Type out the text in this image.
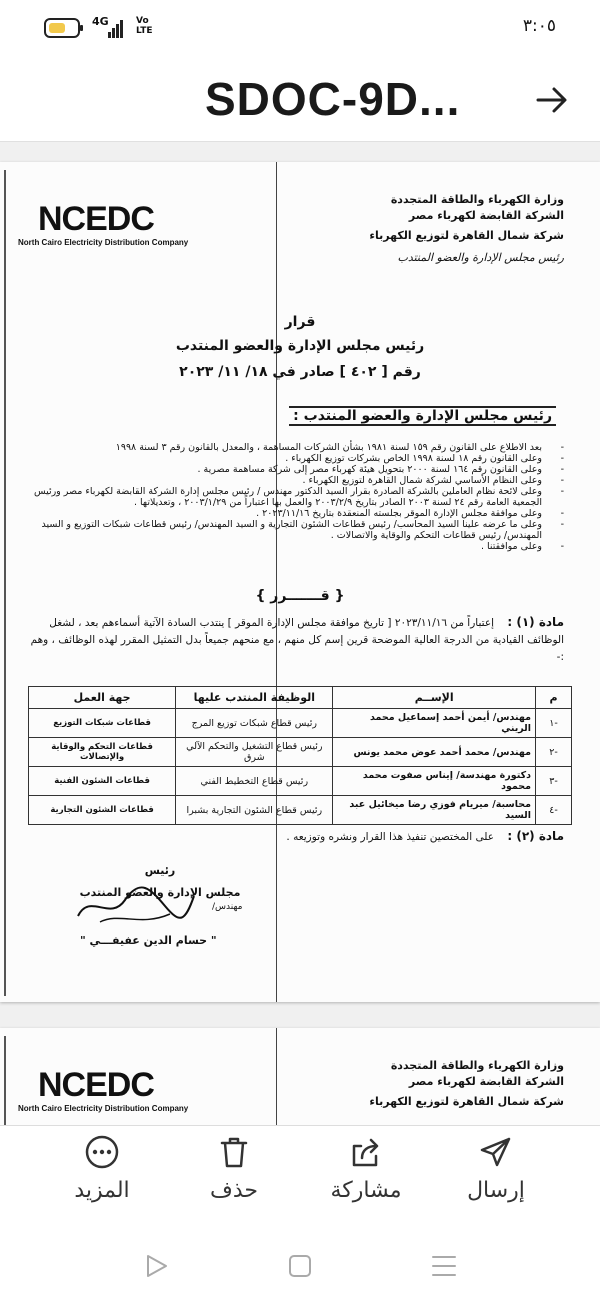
4G	Vo
LTE	٣:٠٥
SDOC-9D...
NCEDC
North Cairo Electricity Distribution Company
وزارة الكهرباء والطاقة المتجددة
الشركة القابضة لكهرباء مصر
شركة شمال القاهرة لتوزيع الكهرباء
رئيس مجلس الإدارة والعضو المنتدب
قرار
رئيس مجلس الإدارة والعضو المنتدب
رقم [ ٤٠٢ ] صادر في ١٨/ ١١/ ٢٠٢٣
رئيس مجلس الإدارة والعضو المنتدب :
- بعد الاطلاع على القانون رقم ١٥٩ لسنة ١٩٨١ بشأن الشركات المساهمة ، والمعدل بالقانون رقم ٣ لسنة ١٩٩٨
- وعلى القانون رقم ١٨ لسنة ١٩٩٨ الخاص بشركات توزيع الكهرباء .
- وعلى القانون رقم ١٦٤ لسنة ٢٠٠٠ بتحويل هيئة كهرباء مصر إلى شركة مساهمة مصرية .
- وعلى النظام الأساسي لشركة شمال القاهرة لتوزيع الكهرباء .
- وعلى لائحة نظام العاملين بالشركة الصادرة بقرار السيد الدكتور مهندس / رئيس مجلس إدارة الشركة القابضة لكهرباء مصر ورئيس الجمعية العامة رقم ٢٤ لسنة ٢٠٠٣ الصادر بتاريخ ٢٠٠٣/٢/٩ والعمل بها اعتباراً من ٢٠٠٣/١/٢٩ ، وتعديلاتها .
- وعلى موافقة مجلس الإدارة الموقر بجلسته المنعقدة بتاريخ ٢٠٢٣/١١/١٦ .
- وعلى ما عرضه علينا السيد المحاسب/ رئيس قطاعات الشئون التجارية و السيد المهندس/ رئيس قطاعات شبكات التوزيع و السيد المهندس/ رئيس قطاعات التحكم والوقاية والاتصالات .
- وعلى موافقتنا .
{ قـــــــرر }
مادة (١) : إعتباراً من ٢٠٢٣/١١/١٦ [ تاريخ موافقة مجلس الإدارة الموقر ] ينتدب السادة الآتية أسماءهم بعد ، لشغل الوظائف القيادية من الدرجة العالية الموضحة قرين إسم كل منهم ، مع منحهم جميعاً بدل التمثيل المقرر لهذه الوظائف ، وهم :-
م	الإســم	الوظيفة المنتدب عليها	جهة العمل
-١	مهندس/ أيمن أحمد إسماعيل محمد الريني	رئيس قطاع شبكات توزيع المرج	قطاعات شبكات التوزيع
-٢	مهندس/ محمد أحمد عوض محمد يونس	رئيس قطاع التشغيل والتحكم الآلي شرق	قطاعات التحكم والوقاية والإتصالات
-٣	دكتورة مهندسة/ إيناس صفوت محمد محمود	رئيس قطاع التخطيط الفني	قطاعات الشئون الفنية
-٤	محاسبة/ ميريام فوزي رضا ميخائيل عبد السيد	رئيس قطاع الشئون التجارية بشبرا	قطاعات الشئون التجارية
مادة (٢) : على المختصين تنفيذ هذا القرار ونشره وتوزيعه .
رئيس
مجلس الإدارة والعضو المنتدب
مهندس/
" حسام الدين عفيفـــي "
NCEDC
North Cairo Electricity Distribution Company
وزارة الكهرباء والطاقة المتجددة
الشركة القابضة لكهرباء مصر
شركة شمال القاهرة لتوزيع الكهرباء
المزيد	حذف	مشاركة	إرسال
